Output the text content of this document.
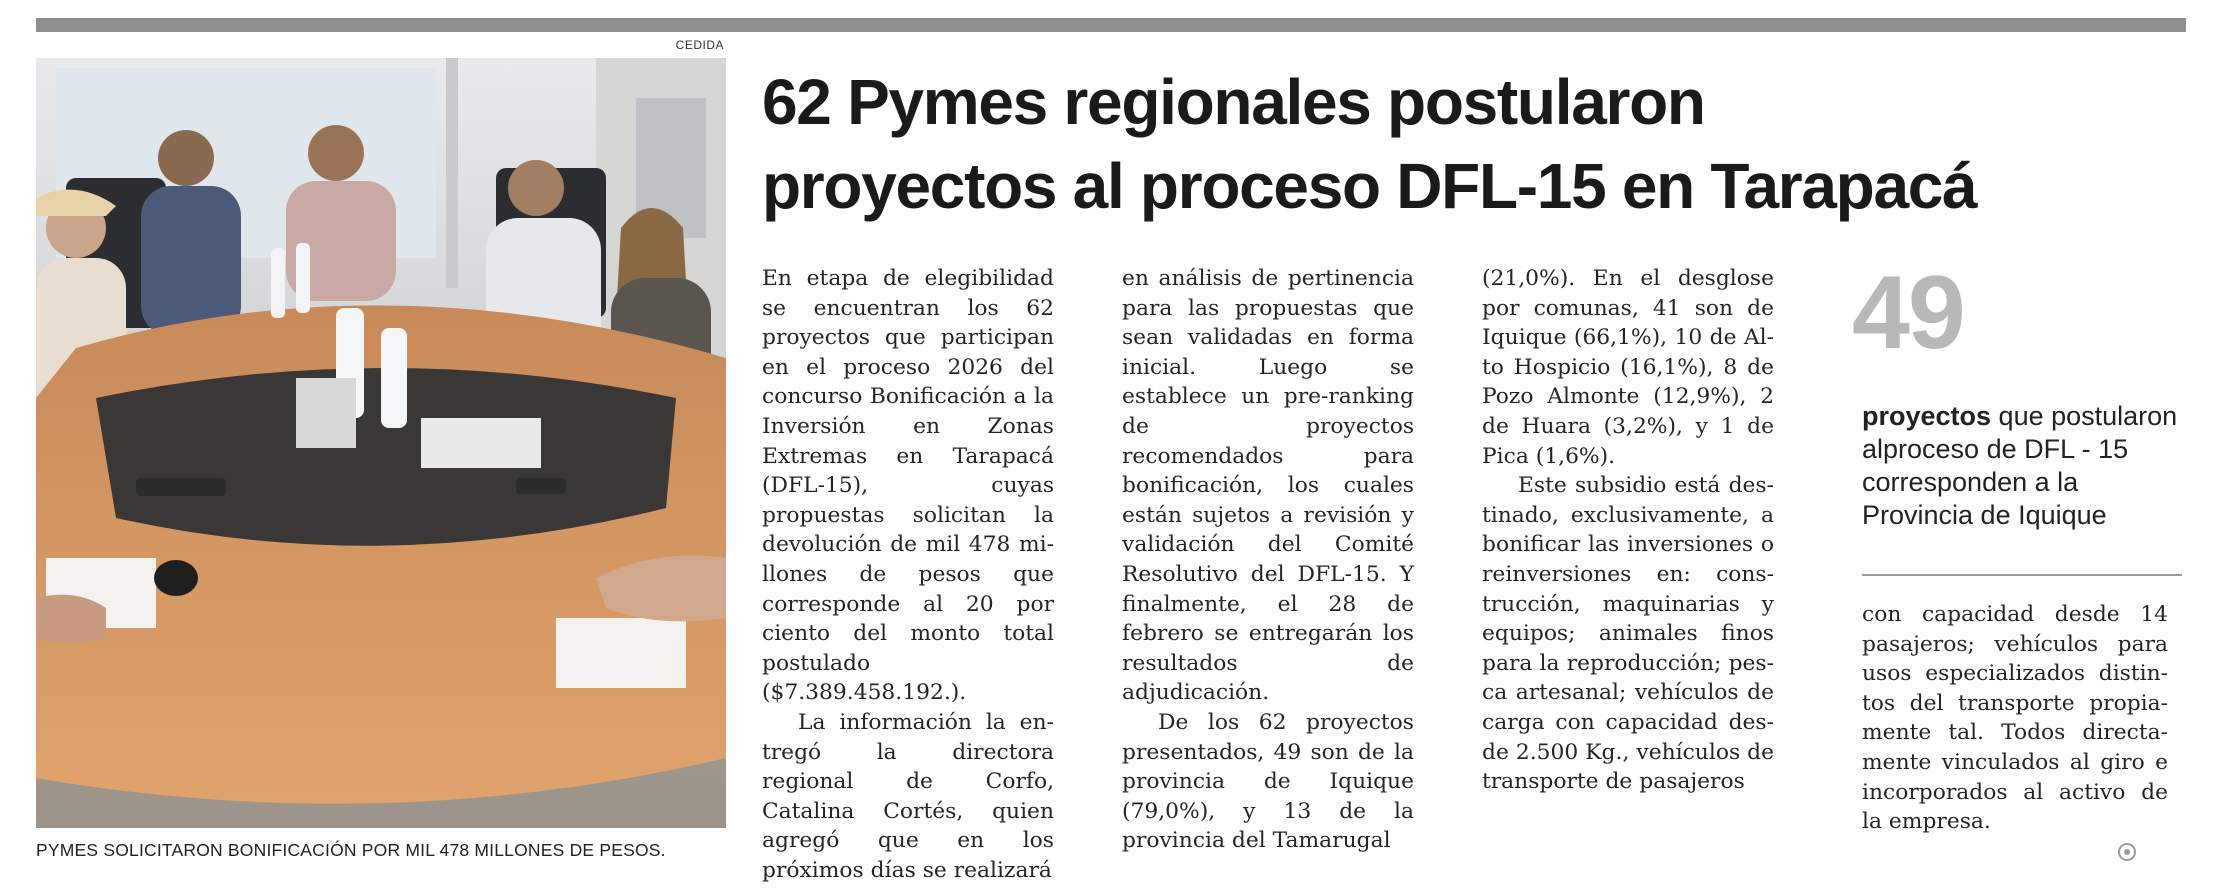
CEDIDA
PYMES SOLICITARON BONIFICACIÓN POR MIL 478 MILLONES DE PESOS.
62 Pymes regionales postularon
proyectos al proceso DFL-15 en Tarapacá

En etapa de elegibilidad se encuentran los 62 proyectos que participan en el proceso 2026 del concurso Bonificación a la Inversión en Zonas Extremas en Tarapacá (DFL-15), cuyas propuestas solicitan la devolución de mil 478 millones de pesos que corresponde al 20 por ciento del monto total postulado ($7.389.458.192.).

La información la entregó la directora regional de Corfo, Catalina Cortés, quien agregó que en los próximos días se realizará

en análisis de pertinencia para las propuestas que sean validadas en forma inicial. Luego se establece un pre-ranking de proyectos recomendados para bonificación, los cuales están sujetos a revisión y validación del Comité Resolutivo del DFL-15. Y finalmente, el 28 de febrero se entregarán los resultados de adjudicación.

De los 62 proyectos presentados, 49 son de la provincia de Iquique (79,0%), y 13 de la provincia del Tamarugal

(21,0%). En el desglose por comunas, 41 son de Iquique (66,1%), 10 de Alto Hospicio (16,1%), 8 de Pozo Almonte (12,9%), 2 de Huara (3,2%), y 1 de Pica (1,6%).

Este subsidio está destinado, exclusivamente, a bonificar las inversiones o reinversiones en: construcción, maquinarias y equipos; animales finos para la reproducción; pesca artesanal; vehículos de carga con capacidad desde 2.500 Kg., vehículos de transporte de pasajeros

49
proyectos que postularon alproceso de DFL - 15 corresponden a la Provincia de Iquique

con capacidad desde 14 pasajeros; vehículos para usos especializados distintos del transporte propiamente tal. Todos directamente vinculados al giro e incorporados al activo de la empresa.
